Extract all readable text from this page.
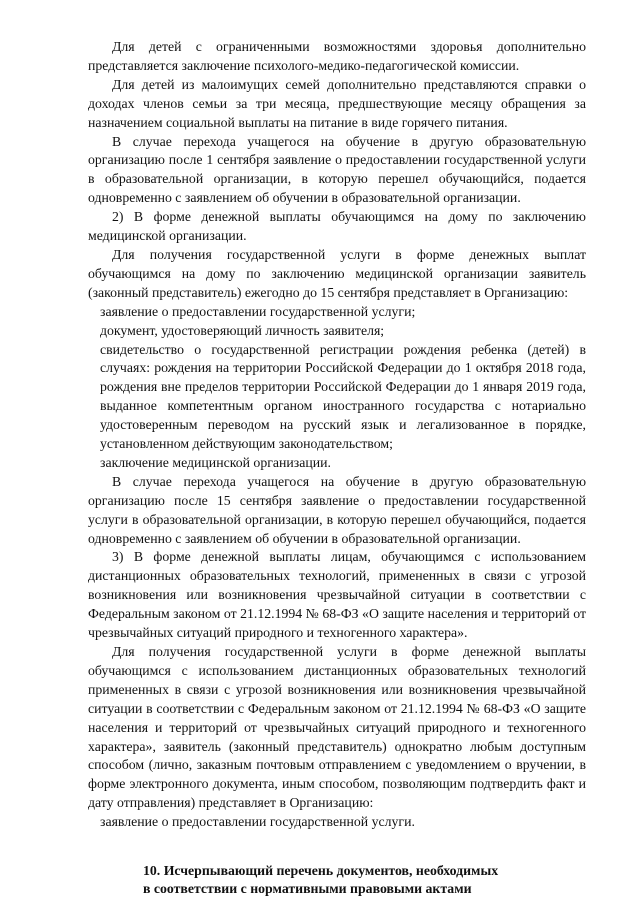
Для детей с ограниченными возможностями здоровья дополнительно представляется заключение психолого-медико-педагогической комиссии.

Для детей из малоимущих семей дополнительно представляются справки о доходах членов семьи за три месяца, предшествующие месяцу обращения за назначением социальной выплаты на питание в виде горячего питания.

В случае перехода учащегося на обучение в другую образовательную организацию после 1 сентября заявление о предоставлении государственной услуги в образовательной организации, в которую перешел обучающийся, подается одновременно с заявлением об обучении в образовательной организации.

2) В форме денежной выплаты обучающимся на дому по заключению медицинской организации.

Для получения государственной услуги в форме денежных выплат обучающимся на дому по заключению медицинской организации заявитель (законный представитель) ежегодно до 15 сентября представляет в Организацию:

заявление о предоставлении государственной услуги;

документ, удостоверяющий личность заявителя;

свидетельство о государственной регистрации рождения ребенка (детей) в случаях: рождения на территории Российской Федерации до 1 октября 2018 года, рождения вне пределов территории Российской Федерации до 1 января 2019 года, выданное компетентным органом иностранного государства с нотариально удостоверенным переводом на русский язык и легализованное в порядке, установленном действующим законодательством;

заключение медицинской организации.

В случае перехода учащегося на обучение в другую образовательную организацию после 15 сентября заявление о предоставлении государственной услуги в образовательной организации, в которую перешел обучающийся, подается одновременно с заявлением об обучении в образовательной организации.

3) В форме денежной выплаты лицам, обучающимся с использованием дистанционных образовательных технологий, примененных в связи с угрозой возникновения или возникновения чрезвычайной ситуации в соответствии с Федеральным законом от 21.12.1994 № 68-ФЗ «О защите населения и территорий от чрезвычайных ситуаций природного и техногенного характера».

Для получения государственной услуги в форме денежной выплаты обучающимся с использованием дистанционных образовательных технологий примененных в связи с угрозой возникновения или возникновения чрезвычайной ситуации в соответствии с Федеральным законом от 21.12.1994 № 68-ФЗ «О защите населения и территорий от чрезвычайных ситуаций природного и техногенного характера», заявитель (законный представитель) однократно любым доступным способом (лично, заказным почтовым отправлением с уведомлением о вручении, в форме электронного документа, иным способом, позволяющим подтвердить факт и дату отправления) представляет в Организацию:

заявление о предоставлении государственной услуги.

10. Исчерпывающий перечень документов, необходимых
в соответствии с нормативными правовыми актами
